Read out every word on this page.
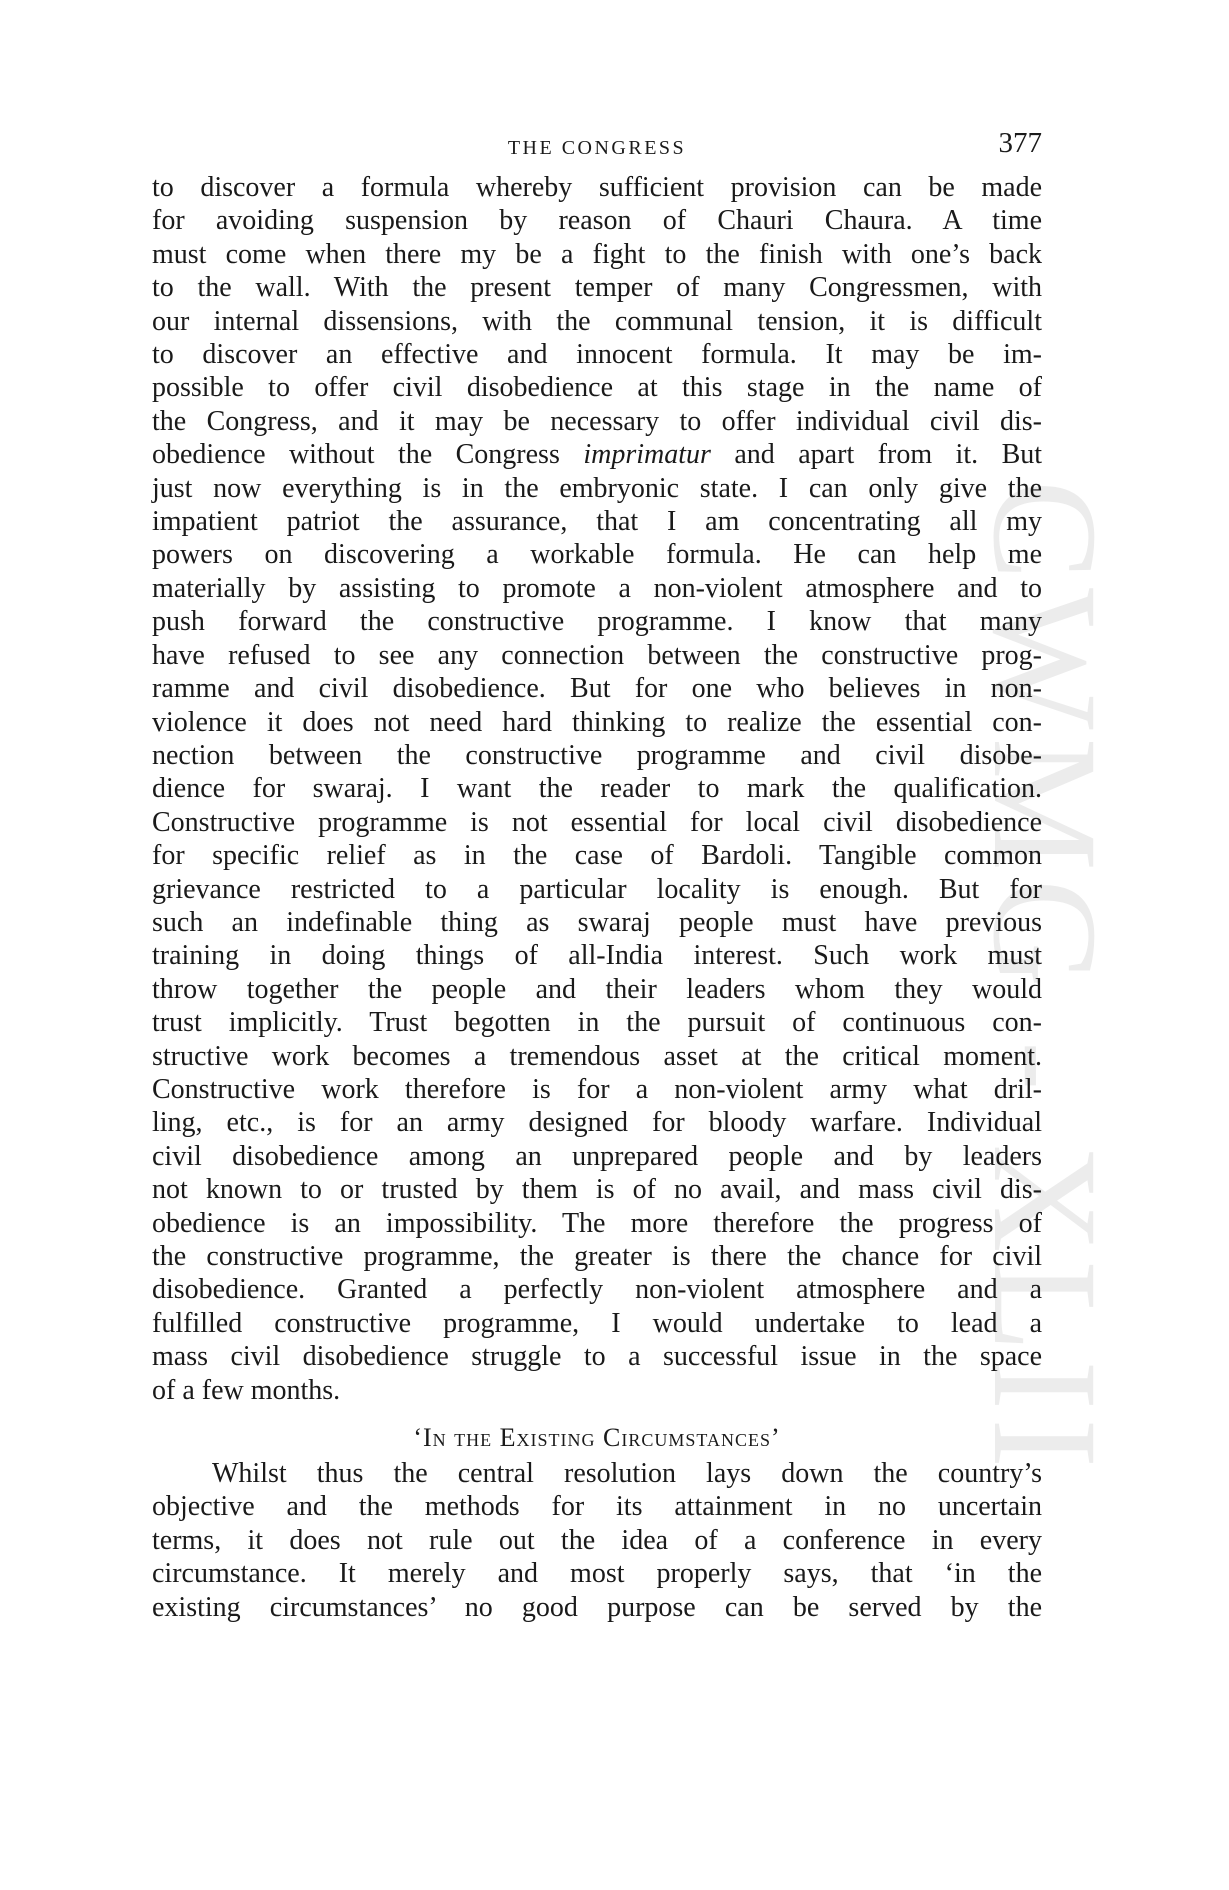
CWMG - XLII
THE CONGRESS	377
to discover a formula whereby sufficient provision can be made
for avoiding suspension by reason of Chauri Chaura. A time
must come when there my be a fight to the finish with one’s back
to the wall. With the present temper of many Congressmen, with
our internal dissensions, with the communal tension, it is difficult
to discover an effective and innocent formula. It may be im-
possible to offer civil disobedience at this stage in the name of
the Congress, and it may be necessary to offer individual civil dis-
obedience without the Congress imprimatur and apart from it. But
just now everything is in the embryonic state. I can only give the
impatient patriot the assurance, that I am concentrating all my
powers on discovering a workable formula. He can help me
materially by assisting to promote a non-violent atmosphere and to
push forward the constructive programme. I know that many
have refused to see any connection between the constructive prog-
ramme and civil disobedience. But for one who believes in non-
violence it does not need hard thinking to realize the essential con-
nection between the constructive programme and civil disobe-
dience for swaraj. I want the reader to mark the qualification.
Constructive programme is not essential for local civil disobedience
for specific relief as in the case of Bardoli. Tangible common
grievance restricted to a particular locality is enough. But for
such an indefinable thing as swaraj people must have previous
training in doing things of all-India interest. Such work must
throw together the people and their leaders whom they would
trust implicitly. Trust begotten in the pursuit of continuous con-
structive work becomes a tremendous asset at the critical moment.
Constructive work therefore is for a non-violent army what dril-
ling, etc., is for an army designed for bloody warfare. Individual
civil disobedience among an unprepared people and by leaders
not known to or trusted by them is of no avail, and mass civil dis-
obedience is an impossibility. The more therefore the progress of
the constructive programme, the greater is there the chance for civil
disobedience. Granted a perfectly non-violent atmosphere and a
fulfilled constructive programme, I would undertake to lead a
mass civil disobedience struggle to a successful issue in the space
of a few months.
‘In the Existing Circumstances’
Whilst thus the central resolution lays down the country’s
objective and the methods for its attainment in no uncertain
terms, it does not rule out the idea of a conference in every
circumstance. It merely and most properly says, that ‘in the
existing circumstances’ no good purpose can be served by the
